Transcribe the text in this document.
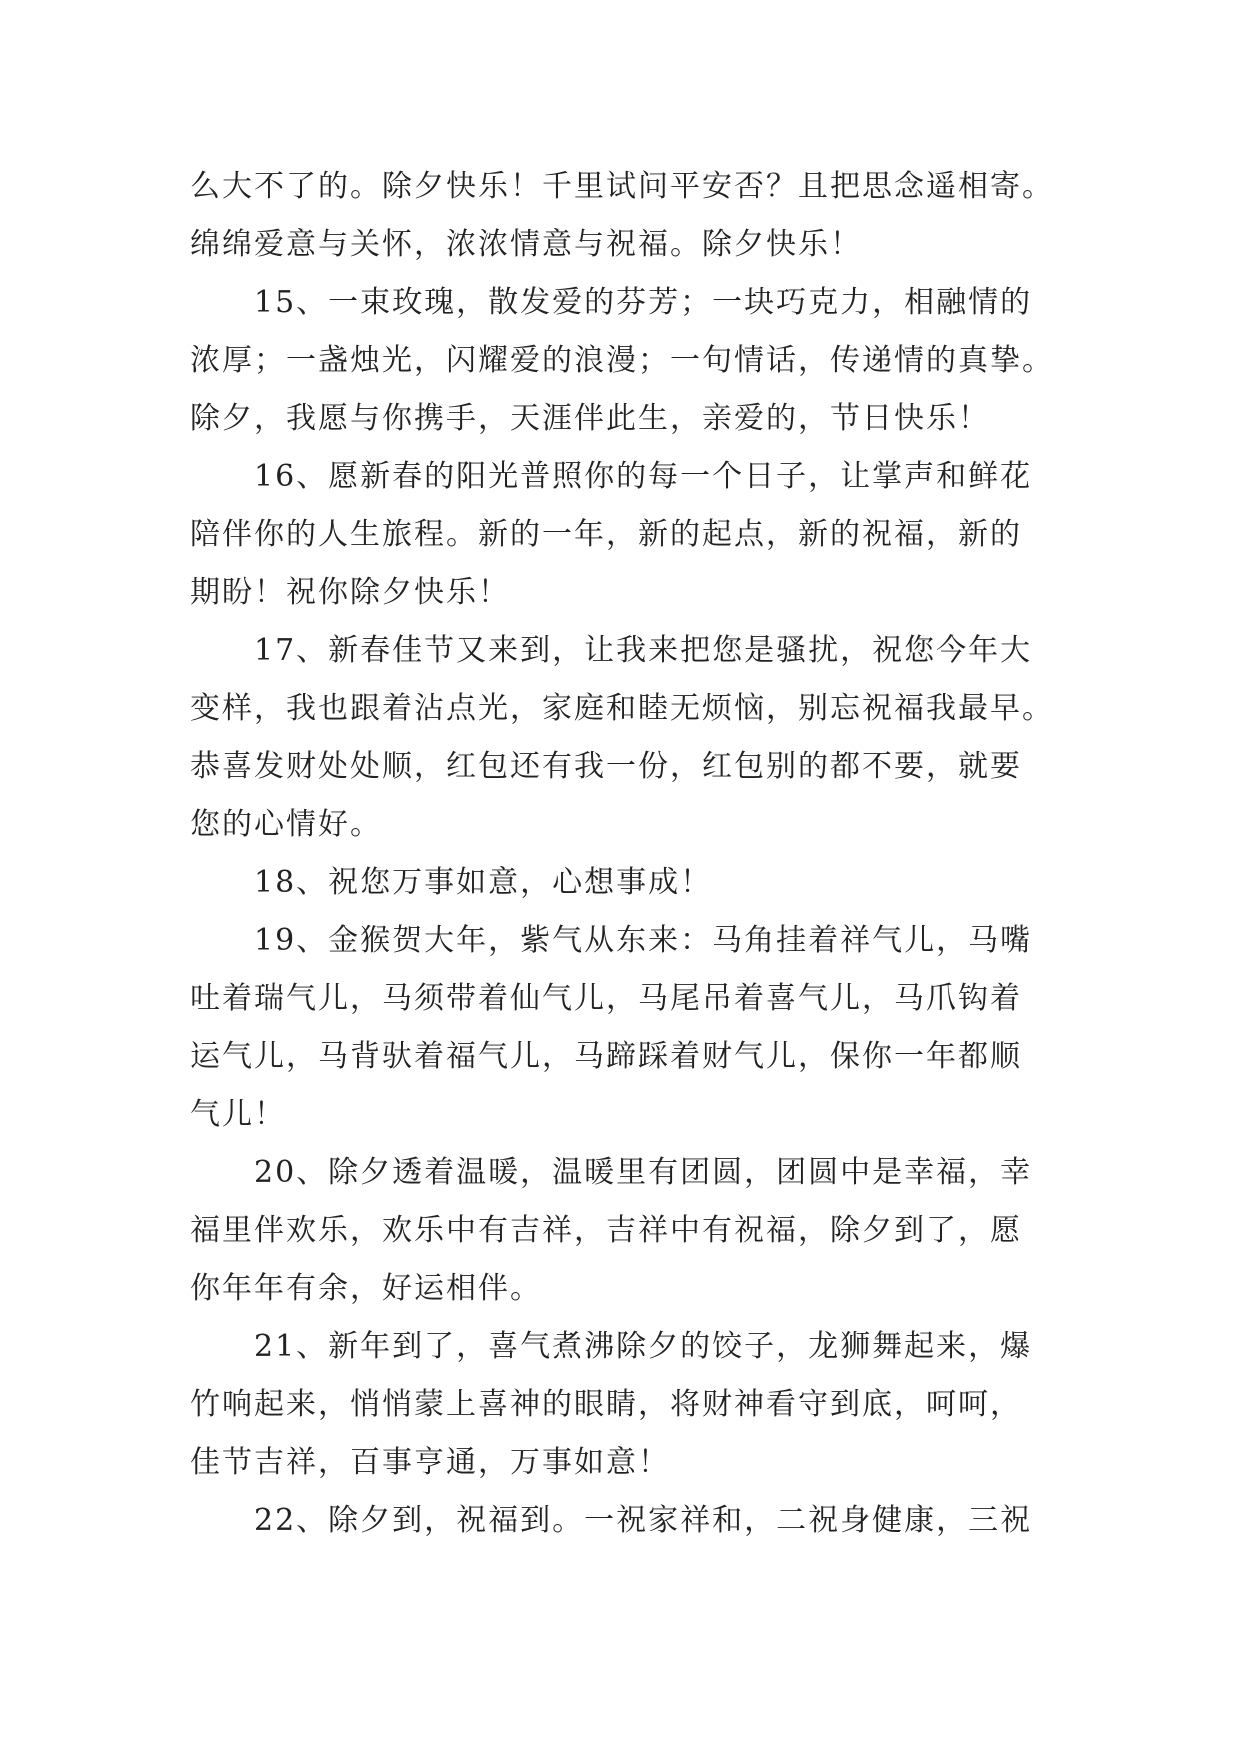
么大不了的。除夕快乐！千里试问平安否？且把思念遥相寄。
绵绵爱意与关怀，浓浓情意与祝福。除夕快乐！
15、一束玫瑰，散发爱的芬芳；一块巧克力，相融情的
浓厚；一盏烛光，闪耀爱的浪漫；一句情话，传递情的真挚。
除夕，我愿与你携手，天涯伴此生，亲爱的，节日快乐！
16、愿新春的阳光普照你的每一个日子，让掌声和鲜花
陪伴你的人生旅程。新的一年，新的起点，新的祝福，新的
期盼！祝你除夕快乐！
17、新春佳节又来到，让我来把您是骚扰，祝您今年大
变样，我也跟着沾点光，家庭和睦无烦恼，别忘祝福我最早。
恭喜发财处处顺，红包还有我一份，红包别的都不要，就要
您的心情好。
18、祝您万事如意，心想事成！
19、金猴贺大年，紫气从东来：马角挂着祥气儿，马嘴
吐着瑞气儿，马须带着仙气儿，马尾吊着喜气儿，马爪钩着
运气儿，马背驮着福气儿，马蹄踩着财气儿，保你一年都顺
气儿！
20、除夕透着温暖，温暖里有团圆，团圆中是幸福，幸
福里伴欢乐，欢乐中有吉祥，吉祥中有祝福，除夕到了，愿
你年年有余，好运相伴。
21、新年到了，喜气煮沸除夕的饺子，龙狮舞起来，爆
竹响起来，悄悄蒙上喜神的眼睛，将财神看守到底，呵呵，
佳节吉祥，百事亨通，万事如意！
22、除夕到，祝福到。一祝家祥和，二祝身健康，三祝
